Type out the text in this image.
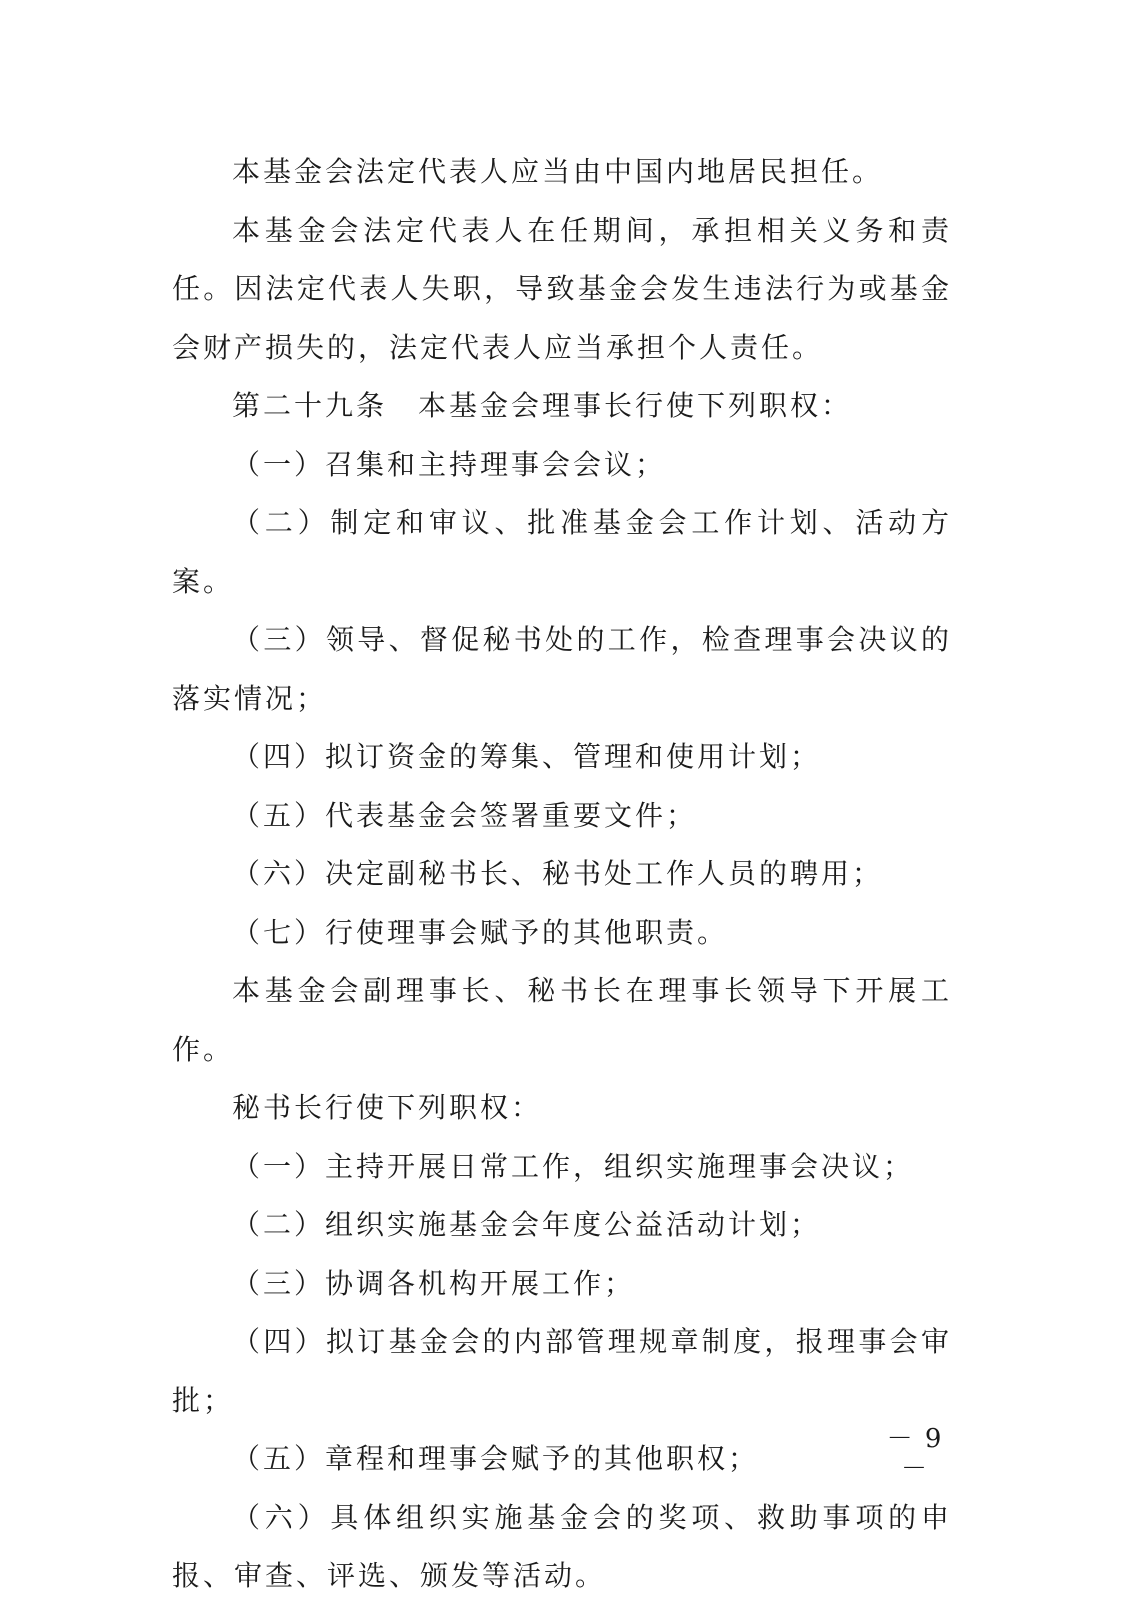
本基金会法定代表人应当由中国内地居民担任。

本基金会法定代表人在任期间，承担相关义务和责任。因法定代表人失职，导致基金会发生违法行为或基金会财产损失的，法定代表人应当承担个人责任。

第二十九条　本基金会理事长行使下列职权：

（一）召集和主持理事会会议；

（二）制定和审议、批准基金会工作计划、活动方案。

（三）领导、督促秘书处的工作，检查理事会决议的落实情况；

（四）拟订资金的筹集、管理和使用计划；

（五）代表基金会签署重要文件；

（六）决定副秘书长、秘书处工作人员的聘用；

（七）行使理事会赋予的其他职责。

本基金会副理事长、秘书长在理事长领导下开展工作。

秘书长行使下列职权：

（一）主持开展日常工作，组织实施理事会决议；

（二）组织实施基金会年度公益活动计划；

（三）协调各机构开展工作；

（四）拟订基金会的内部管理规章制度，报理事会审批；

（五）章程和理事会赋予的其他职权；

（六）具体组织实施基金会的奖项、救助事项的申报、审查、评选、颁发等活动。

－ 9 －
